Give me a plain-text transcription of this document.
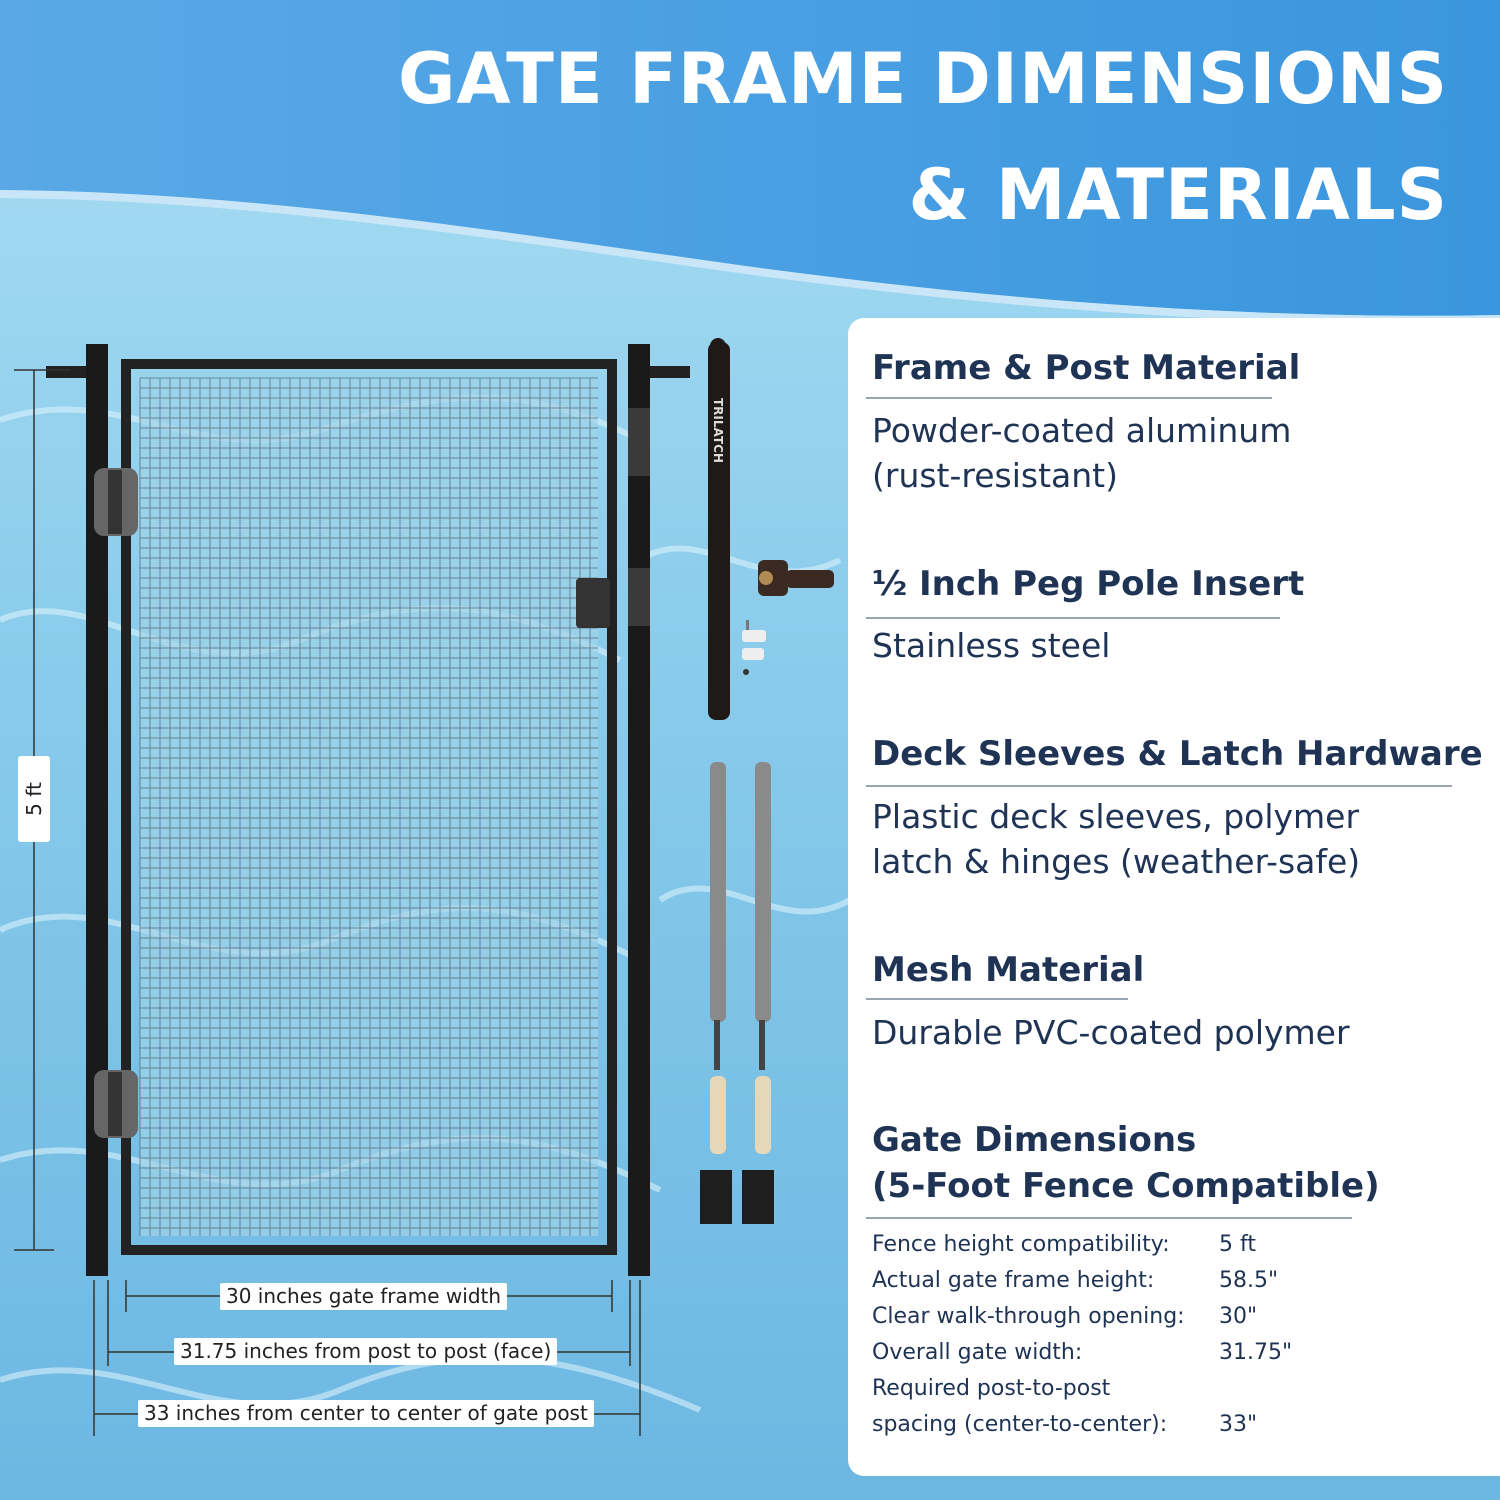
GATE FRAME DIMENSIONS
& MATERIALS
TRILATCH
5 ft
30 inches gate frame width
31.75 inches from post to post (face)
33 inches from center to center of gate post
Frame & Post Material
Powder-coated aluminum
(rust-resistant)
½ Inch Peg Pole Insert
Stainless steel
Deck Sleeves & Latch Hardware
Plastic deck sleeves, polymer
latch & hinges (weather-safe)
Mesh Material
Durable PVC-coated polymer
Gate Dimensions
(5-Foot Fence Compatible)
Fence height compatibility: 5 ft
Actual gate frame height:	58.5"
Clear walk-through opening: 30"
Overall gate width:	31.75"
Required post-to-post
spacing (center-to-center): 33"
